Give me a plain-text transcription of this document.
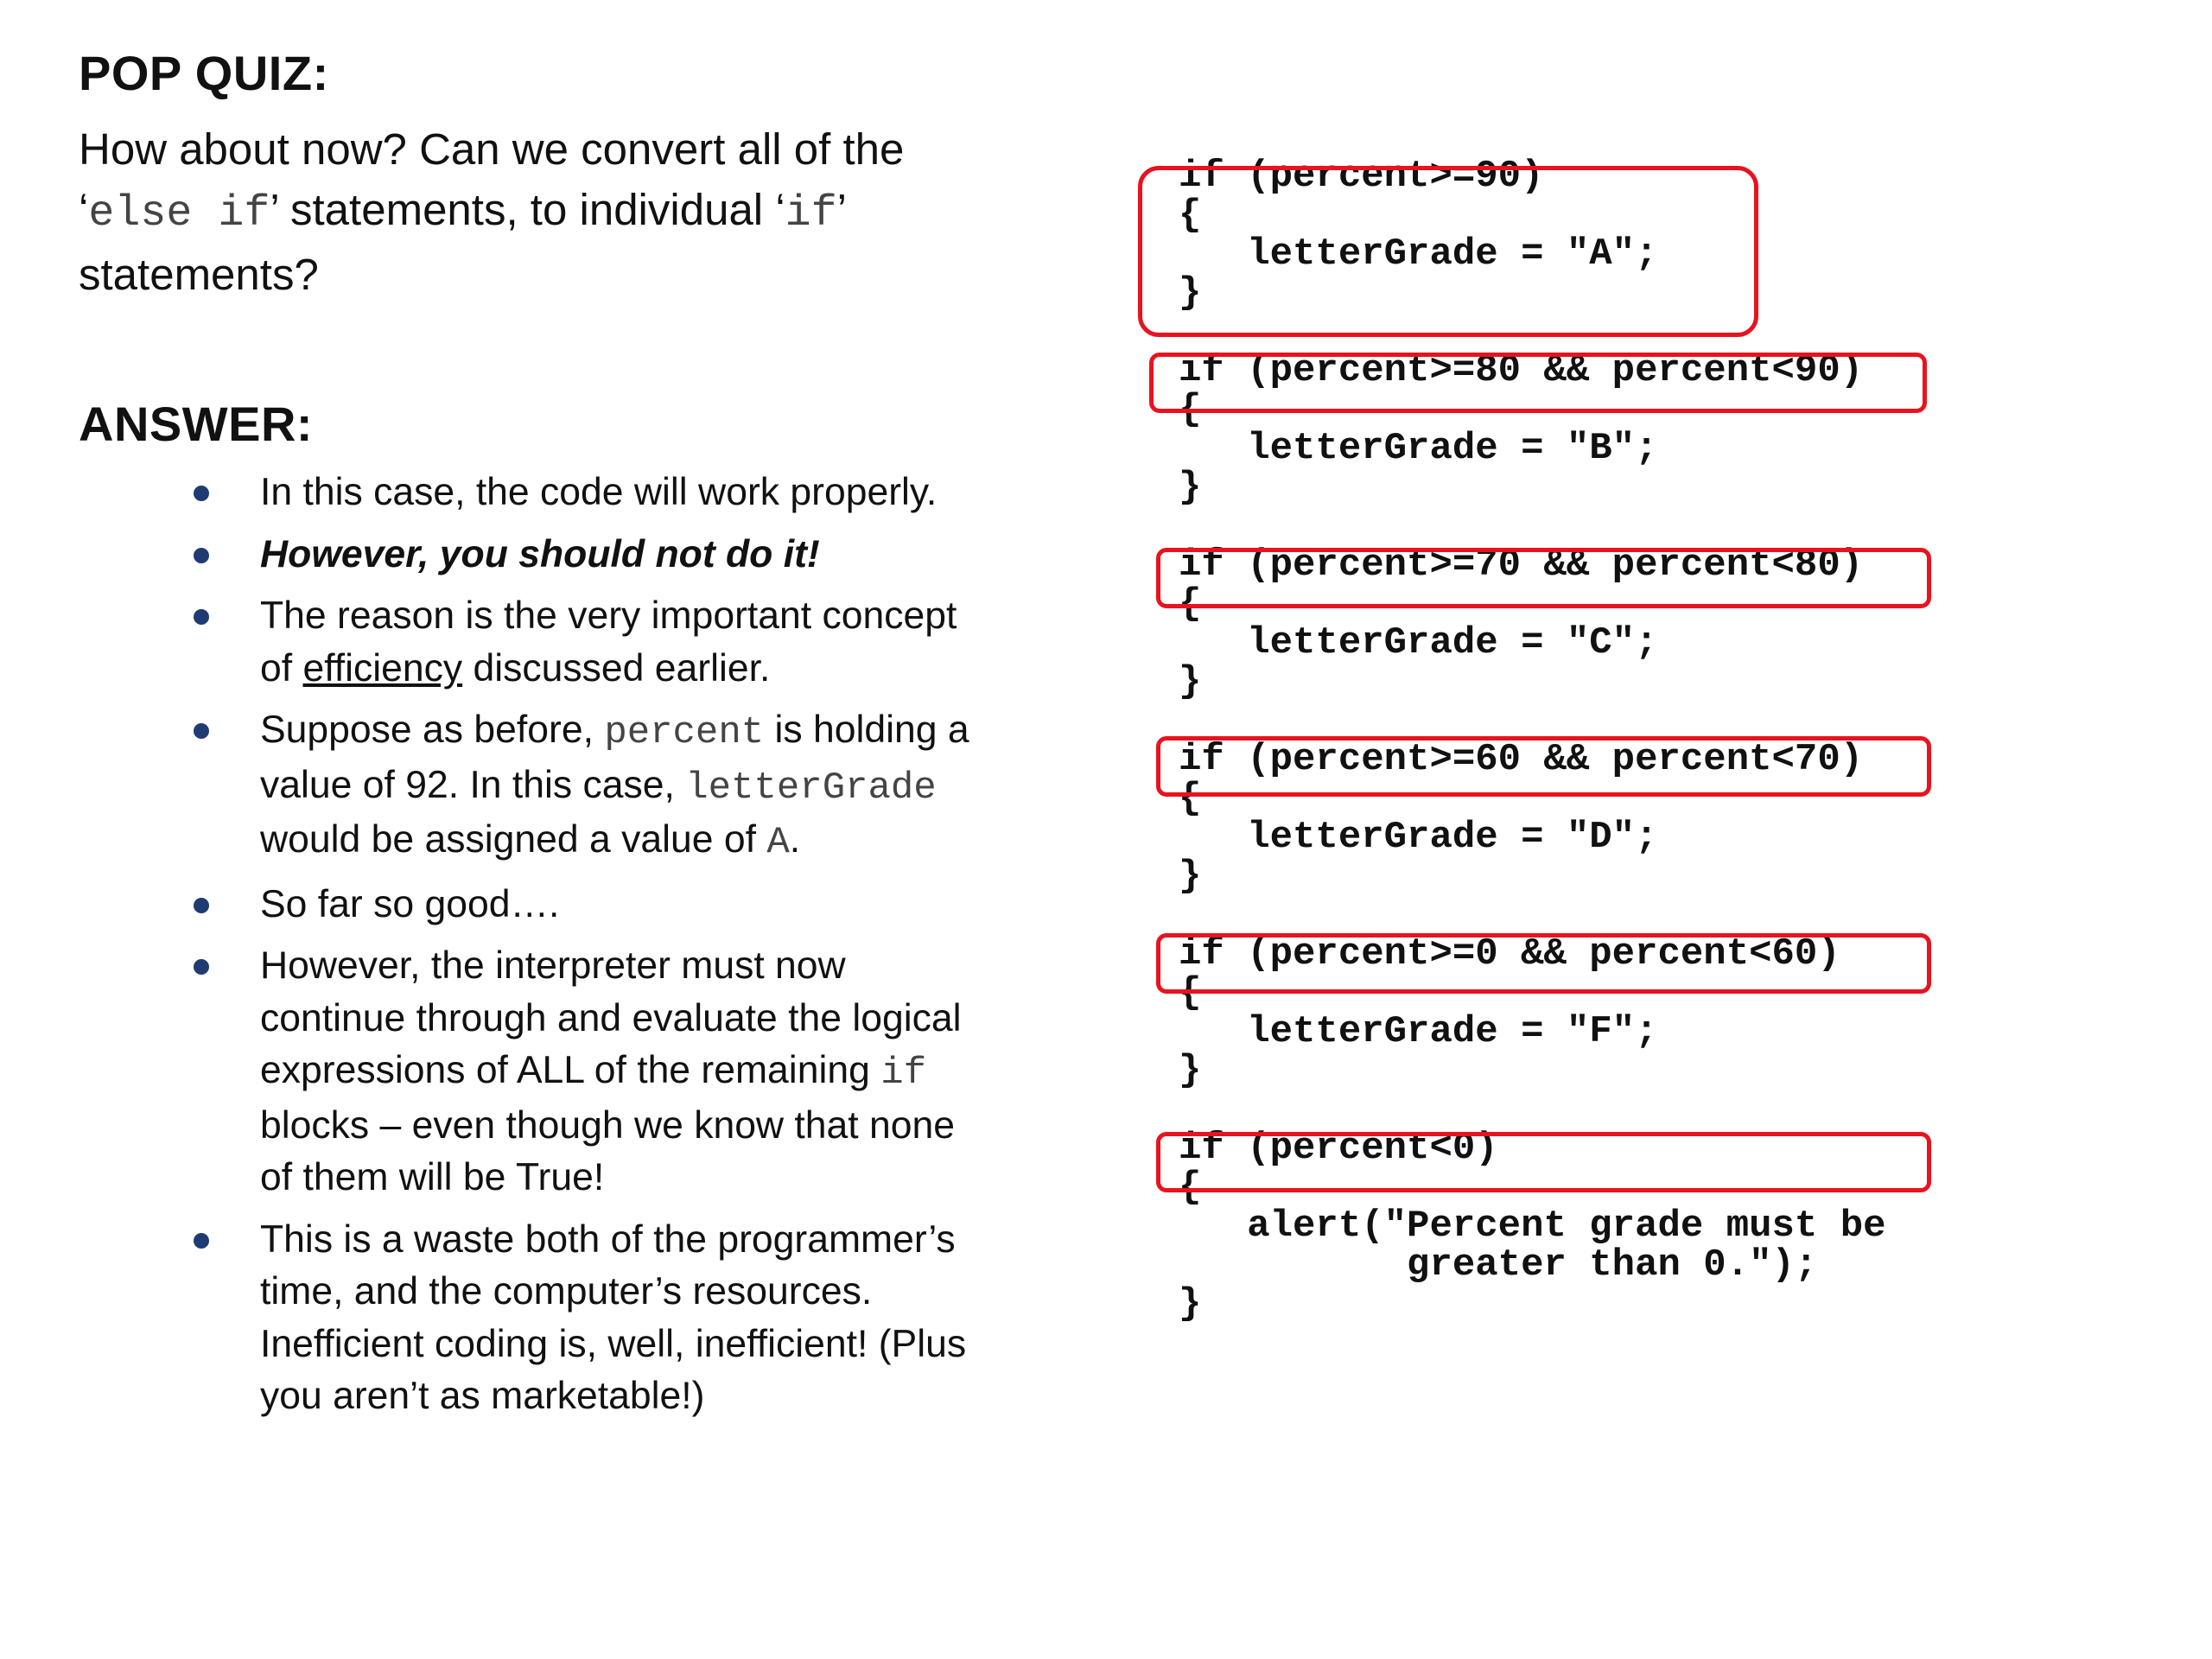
POP QUIZ:

How about now? Can we convert all of the ‘else if’ statements, to individual ‘if’ statements?

ANSWER:
In this case, the code will work properly.
However, you should not do it!
The reason is the very important concept of efficiency discussed earlier.
Suppose as before, percent is holding a value of 92. In this case, letterGrade would be assigned a value of A.
So far so good….
However, the interpreter must now continue through and evaluate the logical expressions of ALL of the remaining if blocks – even though we know that none of them will be True!
This is a waste both of the programmer’s time, and the computer’s resources. Inefficient coding is, well, inefficient! (Plus you aren’t as marketable!)
if (percent>=90)
{
letterGrade = "A";
}

if (percent>=80 && percent<90)
{
letterGrade = "B";
}

if (percent>=70 && percent<80)
{
letterGrade = "C";
}

if (percent>=60 && percent<70)
{
letterGrade = "D";
}

if (percent>=0 && percent<60)
{
letterGrade = "F";
}

if (percent<0)
{
alert("Percent grade must be
greater than 0.");
}
